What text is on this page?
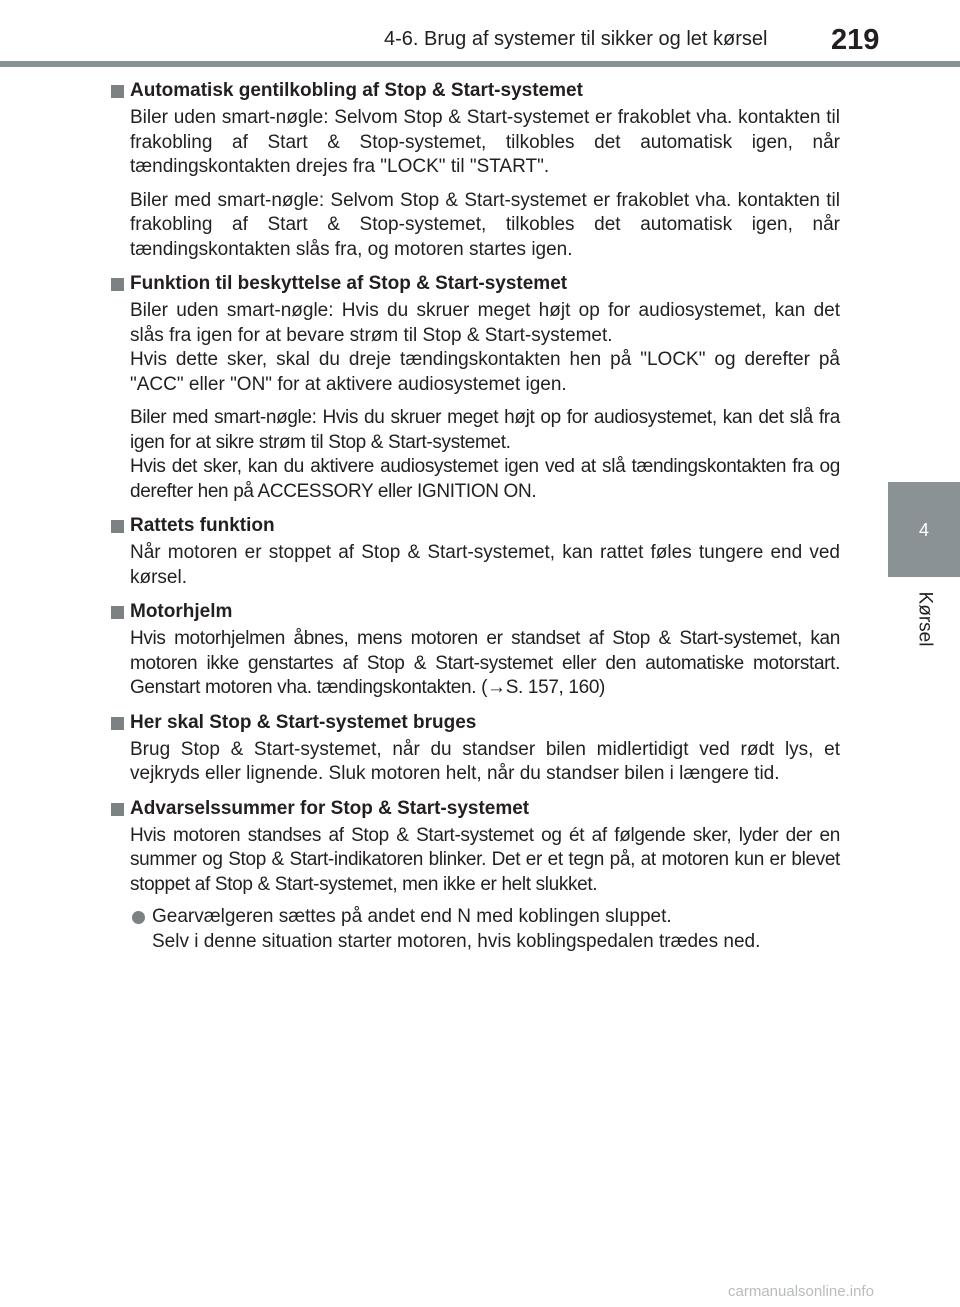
4-6. Brug af systemer til sikker og let kørsel 219
4
Kørsel
Automatisk gentilkobling af Stop & Start-systemet

Biler uden smart-nøgle: Selvom Stop & Start-systemet er frakoblet vha. kontakten til frakobling af Start & Stop-systemet, tilkobles det automatisk igen, når tændingskontakten drejes fra "LOCK" til "START".

Biler med smart-nøgle: Selvom Stop & Start-systemet er frakoblet vha. kontakten til frakobling af Start & Stop-systemet, tilkobles det automatisk igen, når tændingskontakten slås fra, og motoren startes igen.

Funktion til beskyttelse af Stop & Start-systemet
Biler uden smart-nøgle: Hvis du skruer meget højt op for audiosystemet, kan det slås fra igen for at bevare strøm til Stop & Start-systemet.
Hvis dette sker, skal du dreje tændingskontakten hen på "LOCK" og derefter på "ACC" eller "ON" for at aktivere audiosystemet igen.
Biler med smart-nøgle: Hvis du skruer meget højt op for audiosystemet, kan det slå fra igen for at sikre strøm til Stop & Start-systemet.
Hvis det sker, kan du aktivere audiosystemet igen ved at slå tændingskontakten fra og derefter hen på ACCESSORY eller IGNITION ON.
Rattets funktion

Når motoren er stoppet af Stop & Start-systemet, kan rattet føles tungere end ved kørsel.

Motorhjelm

Hvis motorhjelmen åbnes, mens motoren er standset af Stop & Start-systemet, kan motoren ikke genstartes af Stop & Start-systemet eller den automatiske motorstart. Genstart motoren vha. tændingskontakten. (→S. 157, 160)

Her skal Stop & Start-systemet bruges

Brug Stop & Start-systemet, når du standser bilen midlertidigt ved rødt lys, et vejkryds eller lignende. Sluk motoren helt, når du standser bilen i længere tid.

Advarselssummer for Stop & Start-systemet

Hvis motoren standses af Stop & Start-systemet og ét af følgende sker, lyder der en summer og Stop & Start-indikatoren blinker. Det er et tegn på, at motoren kun er blevet stoppet af Stop & Start-systemet, men ikke er helt slukket.

Gearvælgeren sættes på andet end N med koblingen sluppet.
Selv i denne situation starter motoren, hvis koblingspedalen trædes ned.
carmanualsonline.info
